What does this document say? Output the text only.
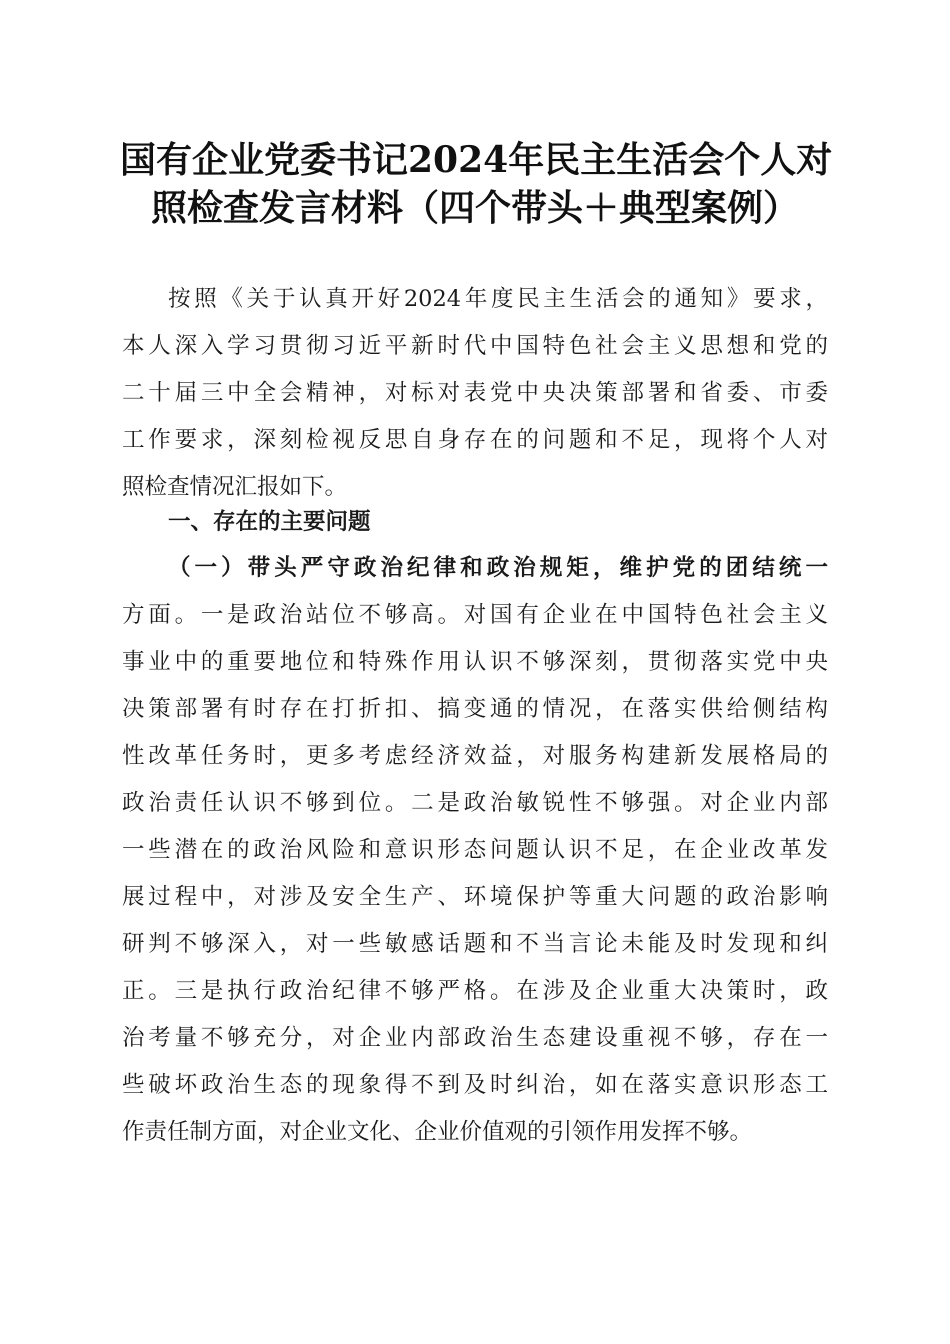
国有企业党委书记2024年民主生活会个人对
照检查发言材料（四个带头＋典型案例）
按照《关于认真开好2024年度民主生活会的通知》要求，
本人深入学习贯彻习近平新时代中国特色社会主义思想和党的
二十届三中全会精神，对标对表党中央决策部署和省委、市委
工作要求，深刻检视反思自身存在的问题和不足，现将个人对
照检查情况汇报如下。
一、存在的主要问题
（一）带头严守政治纪律和政治规矩，维护党的团结统一
方面。一是政治站位不够高。对国有企业在中国特色社会主义
事业中的重要地位和特殊作用认识不够深刻，贯彻落实党中央
决策部署有时存在打折扣、搞变通的情况，在落实供给侧结构
性改革任务时，更多考虑经济效益，对服务构建新发展格局的
政治责任认识不够到位。二是政治敏锐性不够强。对企业内部
一些潜在的政治风险和意识形态问题认识不足，在企业改革发
展过程中，对涉及安全生产、环境保护等重大问题的政治影响
研判不够深入，对一些敏感话题和不当言论未能及时发现和纠
正。三是执行政治纪律不够严格。在涉及企业重大决策时，政
治考量不够充分，对企业内部政治生态建设重视不够，存在一
些破坏政治生态的现象得不到及时纠治，如在落实意识形态工
作责任制方面，对企业文化、企业价值观的引领作用发挥不够。
